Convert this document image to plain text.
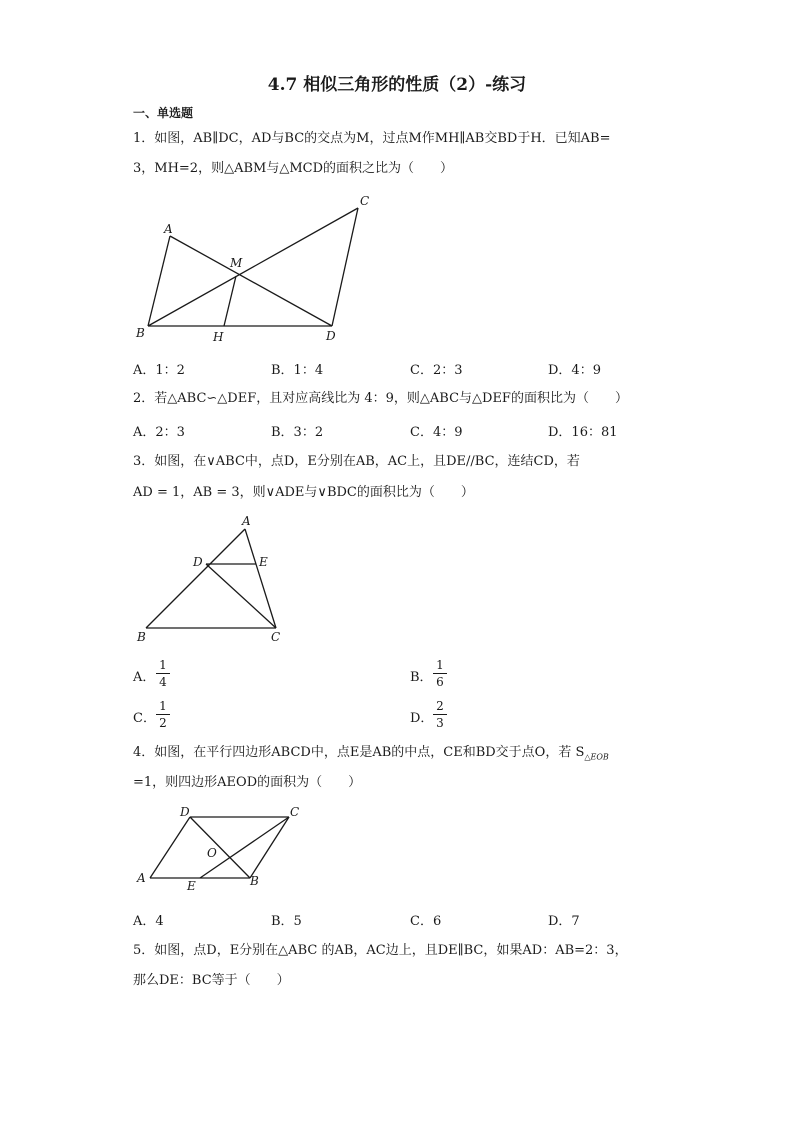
4.7 相似三角形的性质（2）-练习
一、单选题
1．如图，AB∥DC，AD与BC的交点为M，过点M作MH∥AB交BD于H．已知AB=
3，MH=2，则△ABM与△MCD的面积之比为（　　）
A
C
M
B	H	D
A．1：2	B．1：4	C．2：3	D．4：9
2．若△ABC∽△DEF，且对应高线比为 4：9，则△ABC与△DEF的面积比为（　　）
A．2：3	B．3：2	C．4：9	D．16：81
3．如图，在∨ABC中，点D，E分别在AB，AC上，且DE//BC，连结CD，若
AD = 1，AB = 3，则∨ADE与∨BDC的面积比为（　　）
A
D	E
B	C
A．
1
4	B．
1
6
C．
1
2	D．
2
3
4．如图，在平行四边形ABCD中，点E是AB的中点，CE和BD交于点O，若 $S_{\triangle EOB}$
=1，则四边形AEOD的面积为（　　）
D	C
O
A
E	B
A．4	B．5	C．6	D．7
5．如图，点D，E分别在△ABC 的AB，AC边上，且DE∥BC，如果AD：AB=2：3，
那么DE：BC等于（　　）
